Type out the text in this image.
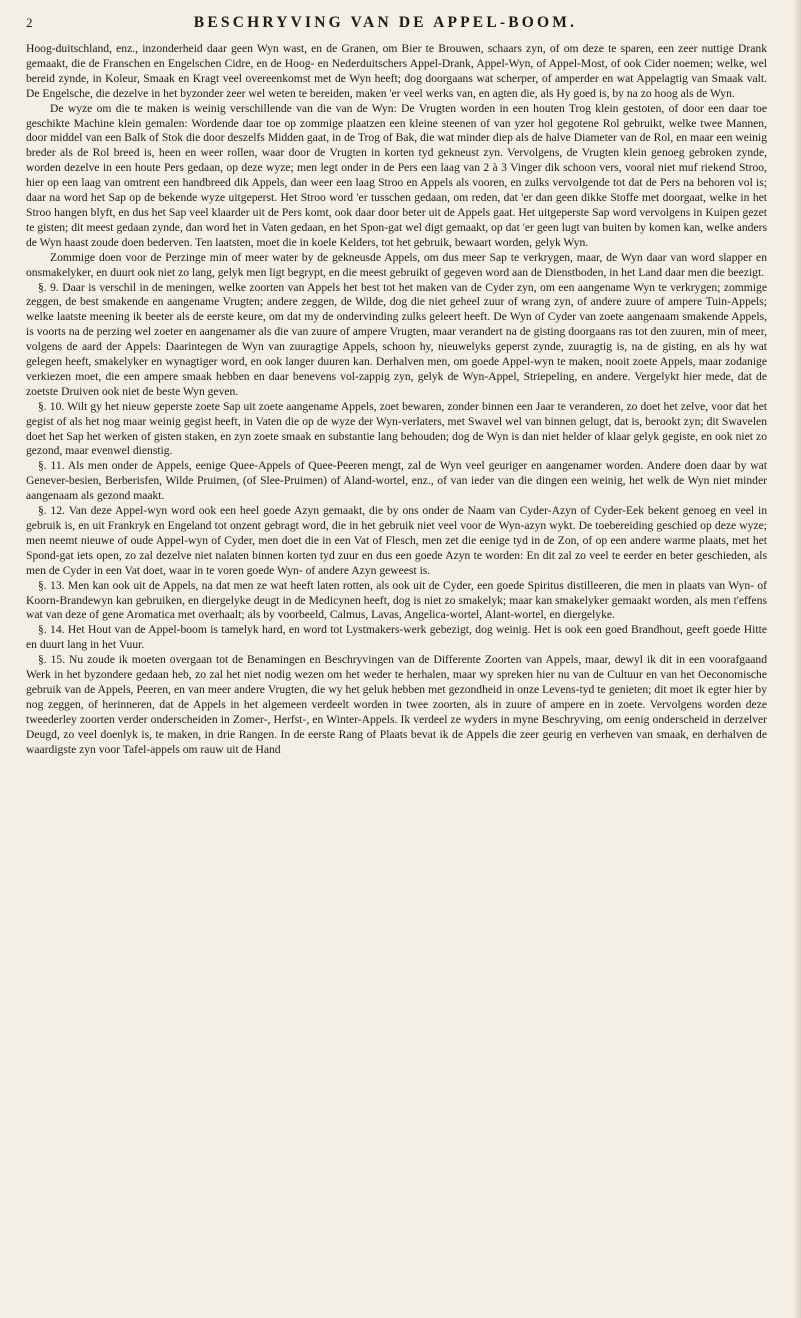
2	BESCHRYVING VAN DE APPEL-BOOM.

Hoog-duitschland, enz., inzonderheid daar geen Wyn wast, en de Granen, om Bier te Brouwen, schaars zyn, of om deze te sparen, een zeer nuttige Drank gemaakt, die de Franschen en Engelschen Cidre, en de Hoog- en Nederduitschers Appel-Drank, Appel-Wyn, of Appel-Most, of ook Cider noemen; welke, wel bereid zynde, in Koleur, Smaak en Kragt veel overeenkomst met de Wyn heeft; dog doorgaans wat scherper, of amperder en wat Appelagtig van Smaak valt. De Engelsche, die dezelve in het byzonder zeer wel weten te bereiden, maken 'er veel werks van, en agten die, als Hy goed is, by na zo hoog als de Wyn.

De wyze om die te maken is weinig verschillende van die van de Wyn: De Vrugten worden in een houten Trog klein gestoten, of door een daar toe geschikte Machine klein gemalen: Wordende daar toe op zommige plaatzen een kleine steenen of van yzer hol gegotene Rol gebruikt, welke twee Mannen, door middel van een Balk of Stok die door deszelfs Midden gaat, in de Trog of Bak, die wat minder diep als de halve Diameter van de Rol, en maar een weinig breder als de Rol breed is, heen en weer rollen, waar door de Vrugten in korten tyd gekneust zyn. Vervolgens, de Vrugten klein genoeg gebroken zynde, worden dezelve in een houte Pers gedaan, op deze wyze; men legt onder in de Pers een laag van 2 à 3 Vinger dik schoon vers, vooral niet muf riekend Stroo, hier op een laag van omtrent een handbreed dik Appels, dan weer een laag Stroo en Appels als vooren, en zulks vervolgende tot dat de Pers na behoren vol is; daar na word het Sap op de bekende wyze uitgeperst. Het Stroo word 'er tusschen gedaan, om reden, dat 'er dan geen dikke Stoffe met doorgaat, welke in het Stroo hangen blyft, en dus het Sap veel klaarder uit de Pers komt, ook daar door beter uit de Appels gaat. Het uitgeperste Sap word vervolgens in Kuipen gezet te gisten; dit meest gedaan zynde, dan word het in Vaten gedaan, en het Spon-gat wel digt gemaakt, op dat 'er geen lugt van buiten by komen kan, welke anders de Wyn haast zoude doen bederven. Ten laatsten, moet die in koele Kelders, tot het gebruik, bewaart worden, gelyk Wyn.

Zommige doen voor de Perzinge min of meer water by de gekneusde Appels, om dus meer Sap te verkrygen, maar, de Wyn daar van word slapper en onsmakelyker, en duurt ook niet zo lang, gelyk men ligt begrypt, en die meest gebruikt of gegeven word aan de Dienstboden, in het Land daar men die beezigt.

§. 9. Daar is verschil in de meningen, welke zoorten van Appels het best tot het maken van de Cyder zyn, om een aangename Wyn te verkrygen; zommige zeggen, de best smakende en aangename Vrugten; andere zeggen, de Wilde, dog die niet geheel zuur of wrang zyn, of andere zuure of ampere Tuin-Appels; welke laatste meening ik beeter als de eerste keure, om dat my de ondervinding zulks geleert heeft. De Wyn of Cyder van zoete aangenaam smakende Appels, is voorts na de perzing wel zoeter en aangenamer als die van zuure of ampere Vrugten, maar verandert na de gisting doorgaans ras tot den zuuren, min of meer, volgens de aard der Appels: Daarintegen de Wyn van zuuragtige Appels, schoon hy, nieuwelyks geperst zynde, zuuragtig is, na de gisting, en als hy wat gelegen heeft, smakelyker en wynagtiger word, en ook langer duuren kan. Derhalven men, om goede Appel-wyn te maken, nooit zoete Appels, maar zodanige verkiezen moet, die een ampere smaak hebben en daar benevens vol-zappig zyn, gelyk de Wyn-Appel, Striepeling, en andere. Vergelykt hier mede, dat de zoetste Druiven ook niet de beste Wyn geven.

§. 10. Wilt gy het nieuw geperste zoete Sap uit zoete aangename Appels, zoet bewaren, zonder binnen een Jaar te veranderen, zo doet het zelve, voor dat het gegist of als het nog maar weinig gegist heeft, in Vaten die op de wyze der Wyn-verlaters, met Swavel wel van binnen gelugt, dat is, berookt zyn; dit Swavelen doet het Sap het werken of gisten staken, en zyn zoete smaak en substantie lang behouden; dog de Wyn is dan niet helder of klaar gelyk gegiste, en ook niet zo gezond, maar evenwel dienstig.

§. 11. Als men onder de Appels, eenige Quee-Appels of Quee-Peeren mengt, zal de Wyn veel geuriger en aangenamer worden. Andere doen daar by wat Genever-besien, Berberisfen, Wilde Pruimen, (of Slee-Pruimen) of Aland-wortel, enz., of van ieder van die dingen een weinig, het welk de Wyn niet minder aangenaam als gezond maakt.

§. 12. Van deze Appel-wyn word ook een heel goede Azyn gemaakt, die by ons onder de Naam van Cyder-Azyn of Cyder-Eek bekent genoeg en veel in gebruik is, en uit Frankryk en Engeland tot onzent gebragt word, die in het gebruik niet veel voor de Wyn-azyn wykt. De toebereiding geschied op deze wyze; men neemt nieuwe of oude Appel-wyn of Cyder, men doet die in een Vat of Flesch, men zet die eenige tyd in de Zon, of op een andere warme plaats, met het Spond-gat iets open, zo zal dezelve niet nalaten binnen korten tyd zuur en dus een goede Azyn te worden: En dit zal zo veel te eerder en beter geschieden, als men de Cyder in een Vat doet, waar in te voren goede Wyn- of andere Azyn geweest is.

§. 13. Men kan ook uit de Appels, na dat men ze wat heeft laten rotten, als ook uit de Cyder, een goede Spiritus distilleeren, die men in plaats van Wyn- of Koorn-Brandewyn kan gebruiken, en diergelyke deugt in de Medicynen heeft, dog is niet zo smakelyk; maar kan smakelyker gemaakt worden, als men t'effens wat van deze of gene Aromatica met overhaalt; als by voorbeeld, Calmus, Lavas, Angelica-wortel, Alant-wortel, en diergelyke.

§. 14. Het Hout van de Appel-boom is tamelyk hard, en word tot Lystmakers-werk gebezigt, dog weinig. Het is ook een goed Brandhout, geeft goede Hitte en duurt lang in het Vuur.

§. 15. Nu zoude ik moeten overgaan tot de Benamingen en Beschryvingen van de Differente Zoorten van Appels, maar, dewyl ik dit in een voorafgaand Werk in het byzondere gedaan heb, zo zal het niet nodig wezen om het weder te herhalen, maar wy spreken hier nu van de Cultuur en van het Oeconomische gebruik van de Appels, Peeren, en van meer andere Vrugten, die wy het geluk hebben met gezondheid in onze Levens-tyd te genieten; dit moet ik egter hier by nog zeggen, of herinneren, dat de Appels in het algemeen verdeelt worden in twee zoorten, als in zuure of ampere en in zoete. Vervolgens worden deze tweederley zoorten verder onderscheiden in Zomer-, Herfst-, en Winter-Appels. Ik verdeel ze wyders in myne Beschryving, om eenig onderscheid in derzelver Deugd, zo veel doenlyk is, te maken, in drie Rangen. In de eerste Rang of Plaats bevat ik de Appels die zeer geurig en verheven van smaak, en derhalven de waardigste zyn voor Tafel-appels om rauw uit de Hand
